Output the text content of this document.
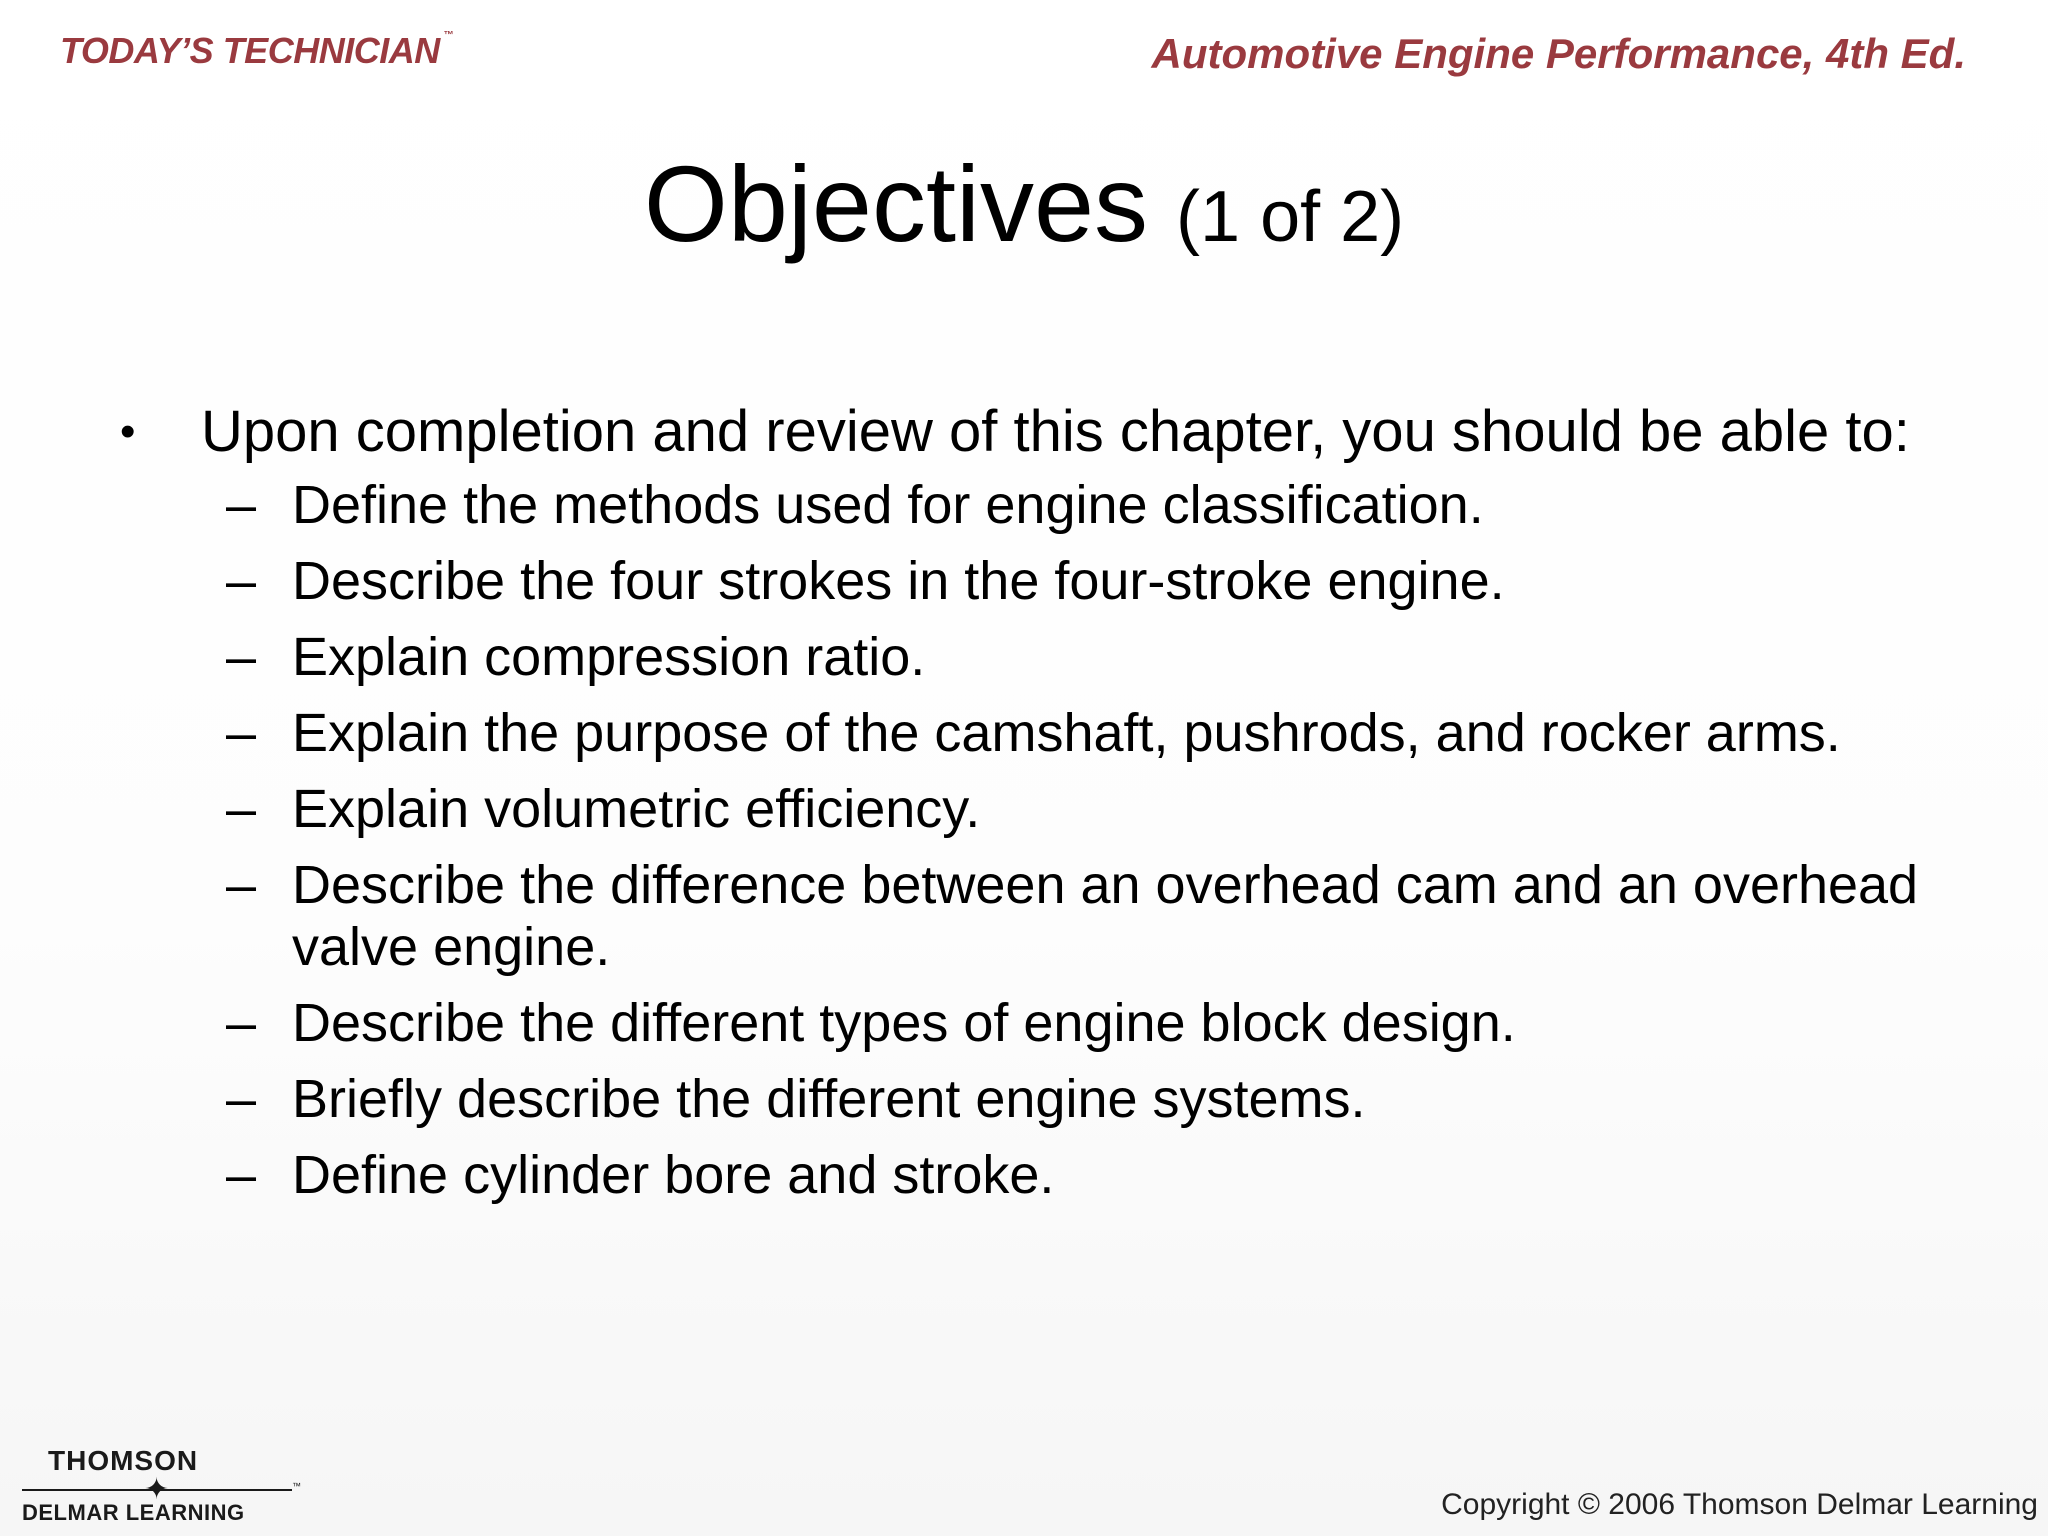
TODAY’S TECHNICIAN ™	Automotive Engine Performance, 4th Ed.
Objectives (1 of 2)
• Upon completion and review of this chapter, you should be able to:
– Define the methods used for engine classification.
– Describe the four strokes in the four-stroke engine.
– Explain compression ratio.
– Explain the purpose of the camshaft, pushrods, and rocker arms.
– Explain volumetric efficiency.
– Describe the difference between an overhead cam and an overhead valve engine.
– Describe the different types of engine block design.
– Briefly describe the different engine systems.
– Define cylinder bore and stroke.
THOMSON
✦	™
DELMAR LEARNING	Copyright © 2006 Thomson Delmar Learning
